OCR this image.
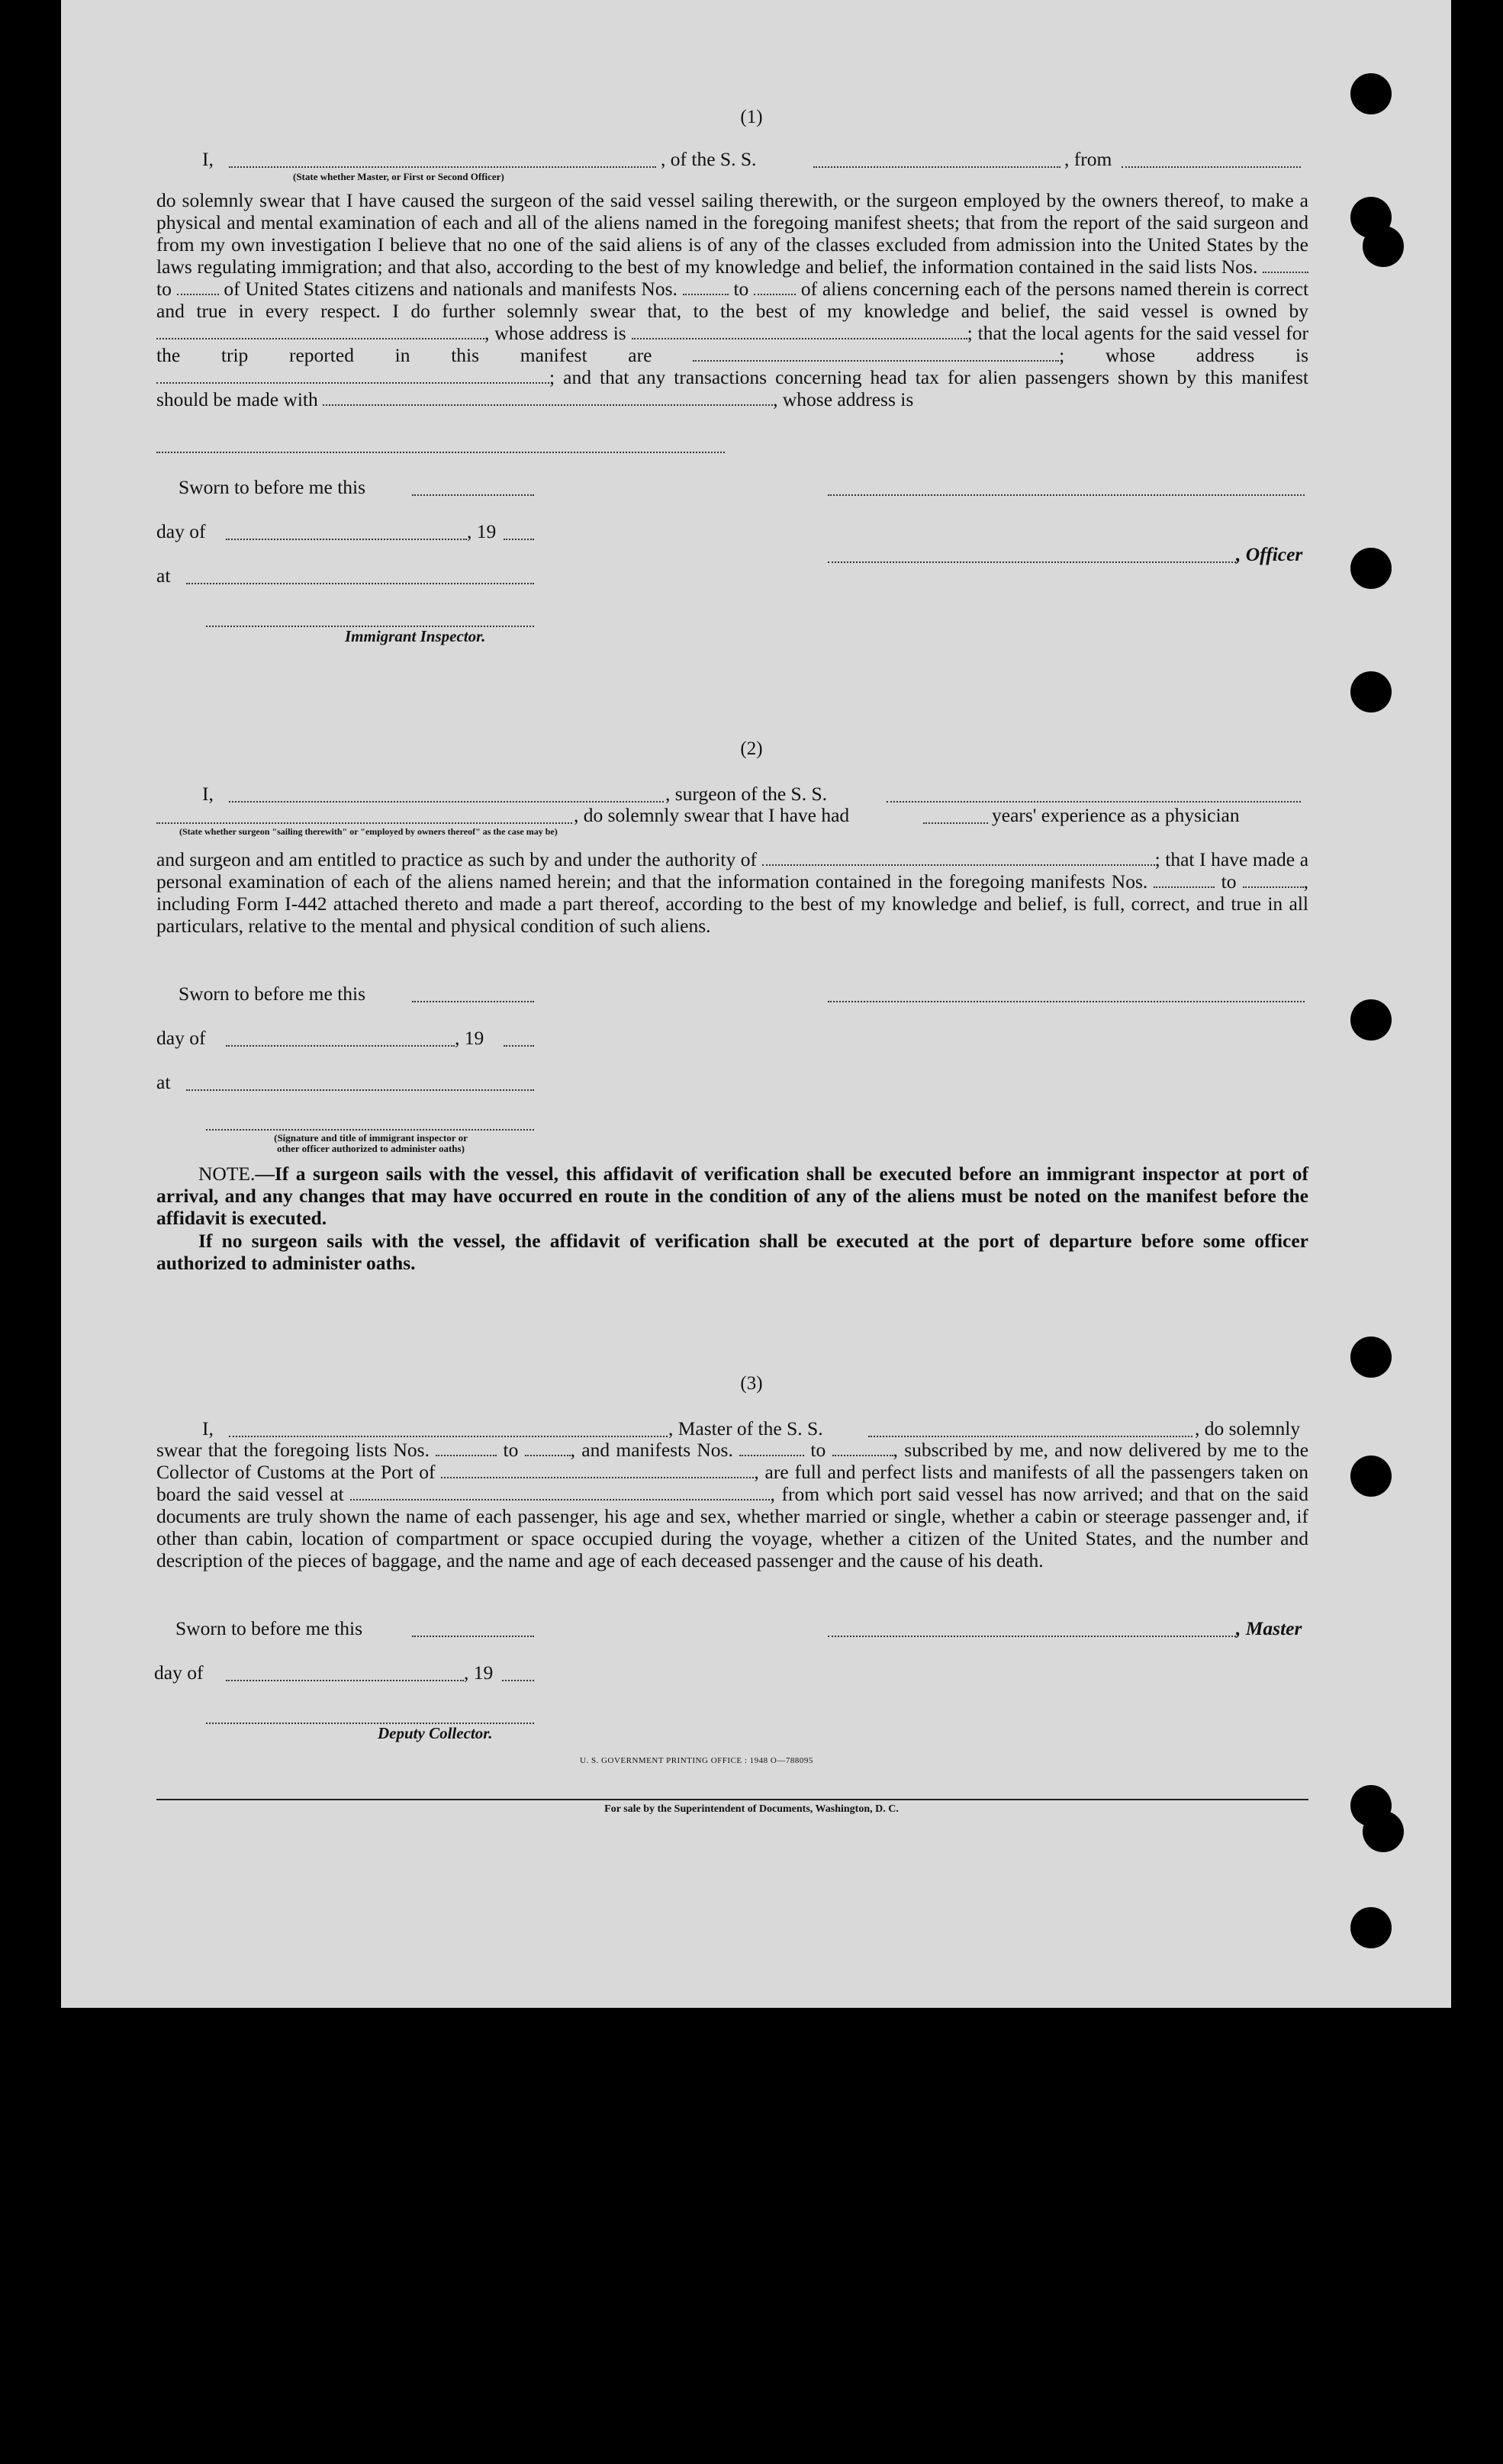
(1)
I,	, of the S. S.	, from
(State whether Master, or First or Second Officer)
do solemnly swear that I have caused the surgeon of the said vessel sailing therewith, or the surgeon employed by the owners thereof, to make a physical and mental examination of each and all of the aliens named in the foregoing manifest sheets; that from the report of the said surgeon and from my own investigation I believe that no one of the said aliens is of any of the classes excluded from admission into the United States by the laws regulating immigration; and that also, according to the best of my knowledge and belief, the information contained in the said lists Nos.  to	of United States citizens and nationals and manifests Nos.	to	of aliens concerning each of the persons named therein is correct and true in every respect. I do further solemnly swear that, to the best of my knowledge and belief, the said vessel is owned by , whose address is	; that the local agents for the said vessel for the trip reported in this manifest are	; whose address is ; and that any transactions concerning head tax for alien passengers shown by this manifest should be made with	, whose address is
Sworn to before me this
day of	, 19
, Officer
at
Immigrant Inspector.
(2)
I,	, surgeon of the S. S.
, do solemnly swear that I have had	years' experience as a physician
(State whether surgeon "sailing therewith" or "employed by owners thereof" as the case may be)
and surgeon and am entitled to practice as such by and under the authority of	; that I have made a personal examination of each of the aliens named herein; and that the information contained in the foregoing manifests Nos.	to	, including Form I-442 attached thereto and made a part thereof, according to the best of my knowledge and belief, is full, correct, and true in all particulars, relative to the mental and physical condition of such aliens.
Sworn to before me this
day of	, 19
at
(Signature and title of immigrant inspector or
other officer authorized to administer oaths)
NOTE.—If a surgeon sails with the vessel, this affidavit of verification shall be executed before an immigrant inspector at port of arrival, and any changes that may have occurred en route in the condition of any of the aliens must be noted on the manifest before the affidavit is executed.
If no surgeon sails with the vessel, the affidavit of verification shall be executed at the port of departure before some officer authorized to administer oaths.
(3)
I,	, Master of the S. S.	, do solemnly
swear that the foregoing lists Nos.	to	, and manifests Nos.	to	, subscribed by me, and now delivered by me to the Collector of Customs at the Port of	, are full and perfect lists and manifests of all the passengers taken on board the said vessel at	, from which port said vessel has now arrived; and that on the said documents are truly shown the name of each passenger, his age and sex, whether married or single, whether a cabin or steerage passenger and, if other than cabin, location of compartment or space occupied during the voyage, whether a citizen of the United States, and the number and description of the pieces of baggage, and the name and age of each deceased passenger and the cause of his death.
Sworn to before me this	, Master
day of	, 19
Deputy Collector.
U. S. GOVERNMENT PRINTING OFFICE : 1948 O—788095
For sale by the Superintendent of Documents, Washington, D. C.
